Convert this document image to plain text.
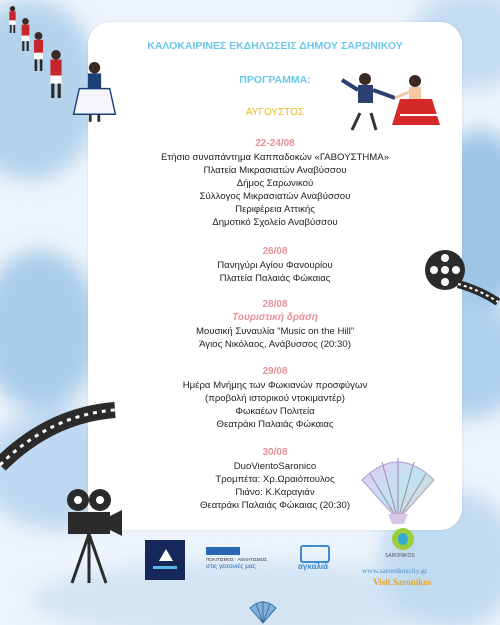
ΚΑΛΟΚΑΙΡΙΝΕΣ ΕΚΔΗΛΩΣΕΙΣ ΔΗΜΟΥ ΣΑΡΩΝΙΚΟΥ
ΠΡΟΓΡΑΜΜΑ:
ΑΥΓΟΥΣΤΟΣ
22-24/08
Ετήσιο συναπάντημα Καππαδοκών «ΓΑΒΟΥΣΤΗΜΑ»
Πλατεία Μικρασιατών Αναβύσσου
Δήμος Σαρωνικού
Σύλλογος Μικρασιατών Αναβύσσου
Περιφέρεια Αττικής
Δημοτικό Σχολείο Αναβύσσου
26/08
Πανηγύρι Αγίου Φανουρίου
Πλατεία Παλαιάς Φώκαιας
28/08
Τουριστική δράση
Μουσική Συναυλία “Music on the Hill”
Άγιος Νικόλαος, Ανάβυσσος (20:30)
29/08
Ημέρα Μνήμης των Φωκιανών προσφύγων
(προβολή ιστορικού ντοκιμαντέρ)
Φωκαέων Πολιτεία
Θεατράκι Παλαιάς Φώκαιας
30/08
DuoVientoSaronico
Τρομπέτα: Χρ.Ωραιόπουλος
Πιάνο: Κ.Καραγιάν
Θεατράκι Παλαιάς Φώκαιας (20:30)
ΠΟΛΙΤΙΣΜΟΣ · ΑΘΛΗΤΙΣΜΟΣ
στις γειτονιές μας	αγκαλιά
SARONIKOS
www.saronikoscity.gr
Visit Saronikos
